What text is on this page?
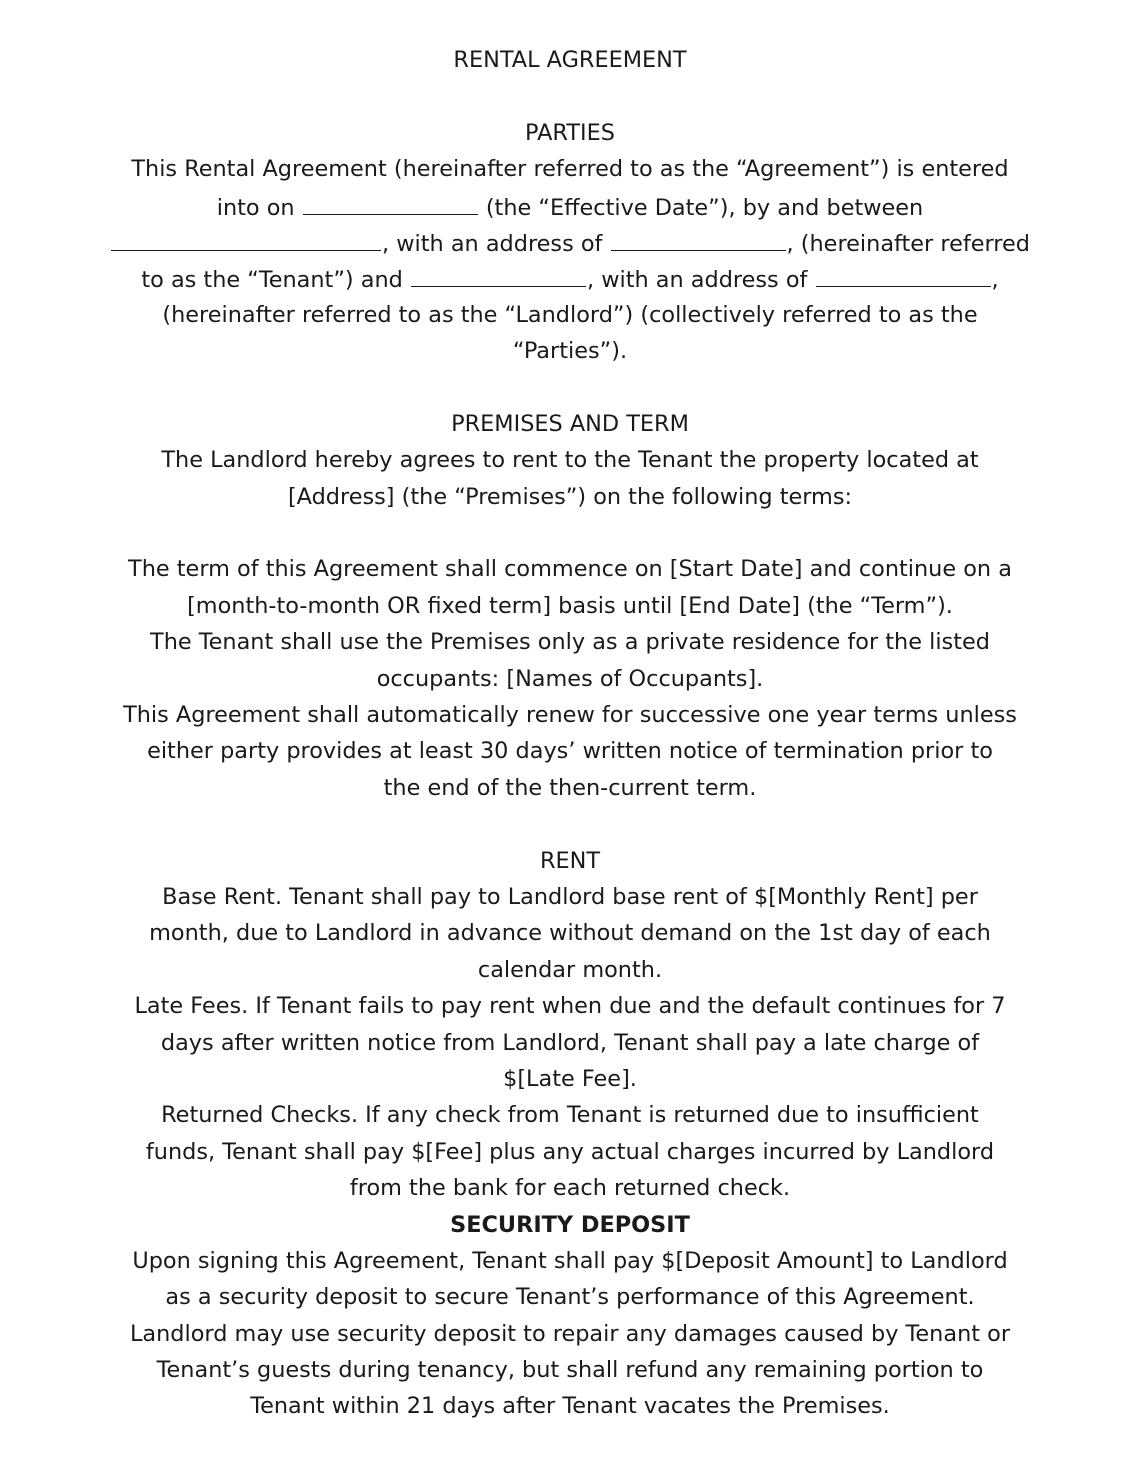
RENTAL AGREEMENT
PARTIES
This Rental Agreement (hereinafter referred to as the “Agreement”) is entered
into on	(the “Effective Date”), by and between
, with an address of	, (hereinafter referred
to as the “Tenant”) and	, with an address of	,
(hereinafter referred to as the “Landlord”) (collectively referred to as the
“Parties”).
PREMISES AND TERM
The Landlord hereby agrees to rent to the Tenant the property located at
[Address] (the “Premises”) on the following terms:
The term of this Agreement shall commence on [Start Date] and continue on a
[month-to-month OR fixed term] basis until [End Date] (the “Term”).
The Tenant shall use the Premises only as a private residence for the listed
occupants: [Names of Occupants].
This Agreement shall automatically renew for successive one year terms unless
either party provides at least 30 days’ written notice of termination prior to
the end of the then-current term.
RENT
Base Rent. Tenant shall pay to Landlord base rent of $[Monthly Rent] per
month, due to Landlord in advance without demand on the 1st day of each
calendar month.
Late Fees. If Tenant fails to pay rent when due and the default continues for 7
days after written notice from Landlord, Tenant shall pay a late charge of
$[Late Fee].
Returned Checks. If any check from Tenant is returned due to insufficient
funds, Tenant shall pay $[Fee] plus any actual charges incurred by Landlord
from the bank for each returned check.
SECURITY DEPOSIT
Upon signing this Agreement, Tenant shall pay $[Deposit Amount] to Landlord
as a security deposit to secure Tenant’s performance of this Agreement.
Landlord may use security deposit to repair any damages caused by Tenant or
Tenant’s guests during tenancy, but shall refund any remaining portion to
Tenant within 21 days after Tenant vacates the Premises.
